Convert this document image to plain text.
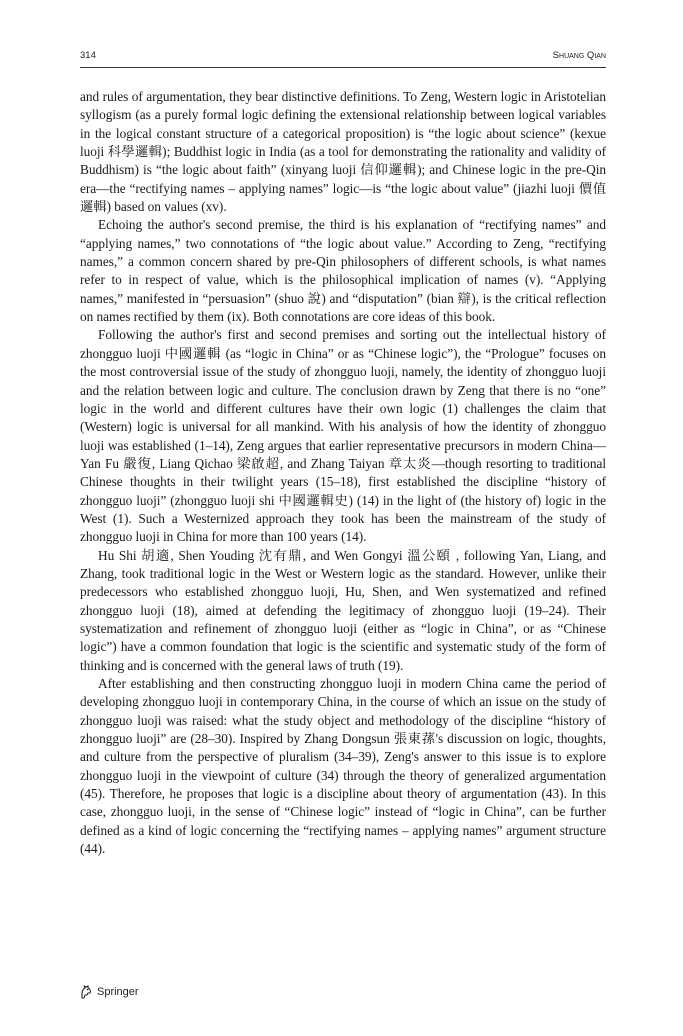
314	Shuang Qian

and rules of argumentation, they bear distinctive definitions. To Zeng, Western logic in Aristotelian syllogism (as a purely formal logic defining the extensional relationship between logical variables in the logical constant structure of a categorical proposition) is “the logic about science” (kexue luoji 科學邏輯); Buddhist logic in India (as a tool for demonstrating the rationality and validity of Buddhism) is “the logic about faith” (xinyang luoji 信仰邏輯); and Chinese logic in the pre-Qin era—the “rectifying names – applying names” logic—is “the logic about value” (jiazhi luoji 價值邏輯) based on values (xv).

Echoing the author's second premise, the third is his explanation of “rectifying names” and “applying names,” two connotations of “the logic about value.” According to Zeng, “rectifying names,” a common concern shared by pre-Qin philosophers of different schools, is what names refer to in respect of value, which is the philosophical implication of names (v). “Applying names,” manifested in “persuasion” (shuo 說) and “disputation” (bian 辯), is the critical reflection on names rectified by them (ix). Both connotations are core ideas of this book.

Following the author's first and second premises and sorting out the intellectual history of zhongguo luoji 中國邏輯 (as “logic in China” or as “Chinese logic”), the “Prologue” focuses on the most controversial issue of the study of zhongguo luoji, namely, the identity of zhongguo luoji and the relation between logic and culture. The conclusion drawn by Zeng that there is no “one” logic in the world and different cultures have their own logic (1) challenges the claim that (Western) logic is universal for all mankind. With his analysis of how the identity of zhongguo luoji was established (1–14), Zeng argues that earlier representative precursors in modern China—Yan Fu 嚴復, Liang Qichao 梁啟超, and Zhang Taiyan 章太炎—though resorting to traditional Chinese thoughts in their twilight years (15–18), first established the discipline “history of zhongguo luoji” (zhongguo luoji shi 中國邏輯史) (14) in the light of (the history of) logic in the West (1). Such a Westernized approach they took has been the mainstream of the study of zhongguo luoji in China for more than 100 years (14).

Hu Shi 胡適, Shen Youding 沈有鼎, and Wen Gongyi 溫公頤 , following Yan, Liang, and Zhang, took traditional logic in the West or Western logic as the standard. However, unlike their predecessors who established zhongguo luoji, Hu, Shen, and Wen systematized and refined zhongguo luoji (18), aimed at defending the legitimacy of zhongguo luoji (19–24). Their systematization and refinement of zhongguo luoji (either as “logic in China”, or as “Chinese logic”) have a common foundation that logic is the scientific and systematic study of the form of thinking and is concerned with the general laws of truth (19).

After establishing and then constructing zhongguo luoji in modern China came the period of developing zhongguo luoji in contemporary China, in the course of which an issue on the study of zhongguo luoji was raised: what the study object and methodology of the discipline “history of zhongguo luoji” are (28–30). Inspired by Zhang Dongsun 張東蓀's discussion on logic, thoughts, and culture from the perspective of pluralism (34–39), Zeng's answer to this issue is to explore zhongguo luoji in the viewpoint of culture (34) through the theory of generalized argumentation (45). Therefore, he proposes that logic is a discipline about theory of argumentation (43). In this case, zhongguo luoji, in the sense of “Chinese logic” instead of “logic in China”, can be further defined as a kind of logic concerning the “rectifying names – applying names” argument structure (44).

Springer
